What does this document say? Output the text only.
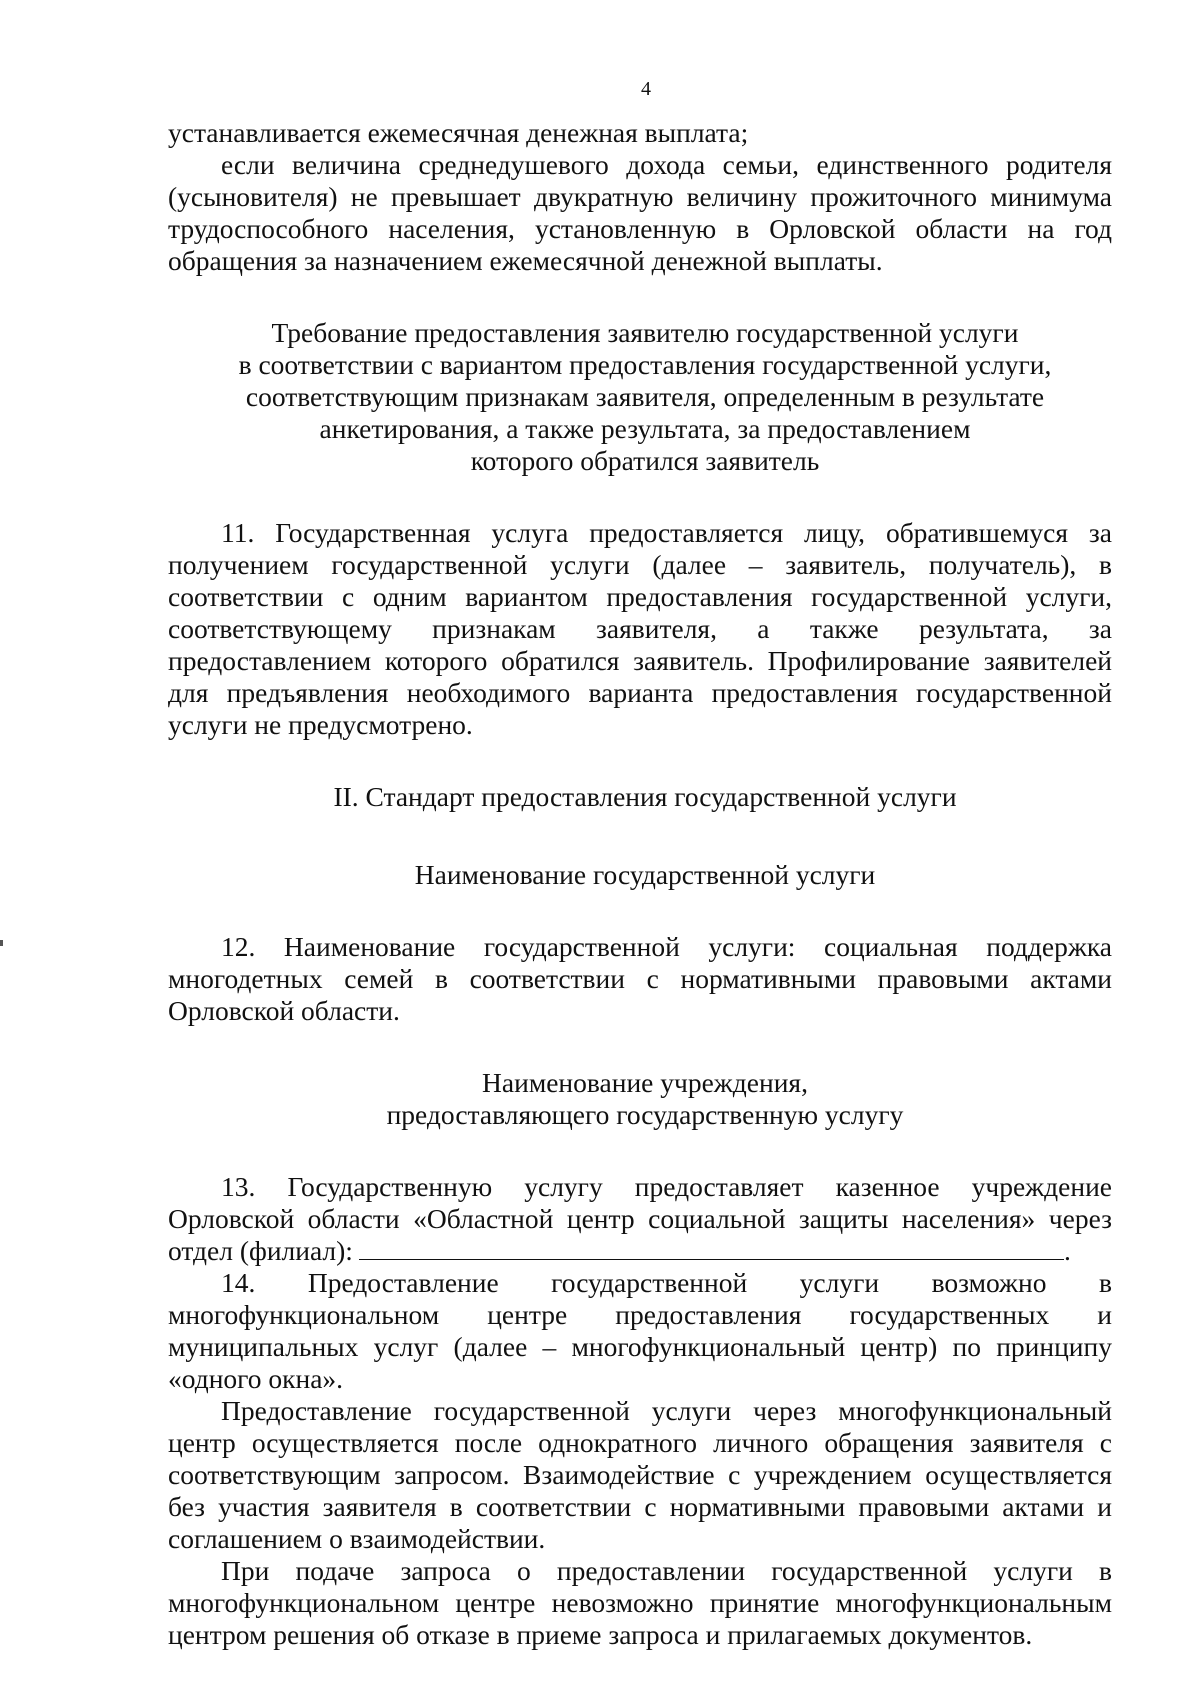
4

устанавливается ежемесячная денежная выплата;

если величина среднедушевого дохода семьи, единственного родителя (усыновителя) не превышает двукратную величину прожиточного минимума трудоспособного населения, установленную в Орловской области на год обращения за назначением ежемесячной денежной выплаты.

Требование предоставления заявителю государственной услуги
в соответствии с вариантом предоставления государственной услуги,
соответствующим признакам заявителя, определенным в результате
анкетирования, а также результата, за предоставлением
которого обратился заявитель

11. Государственная услуга предоставляется лицу, обратившемуся за получением государственной услуги (далее – заявитель, получатель), в соответствии с одним вариантом предоставления государственной услуги, соответствующему признакам заявителя, а также результата, за предоставлением которого обратился заявитель. Профилирование заявителей для предъявления необходимого варианта предоставления государственной услуги не предусмотрено.

II. Стандарт предоставления государственной услуги

Наименование государственной услуги

12. Наименование государственной услуги: социальная поддержка многодетных семей в соответствии с нормативными правовыми актами Орловской области.

Наименование учреждения,
предоставляющего государственную услугу

13. Государственную услугу предоставляет казенное учреждение Орловской области «Областной центр социальной защиты населения» через отдел (филиал):	.

14. Предоставление государственной услуги возможно в многофункциональном центре предоставления государственных и муниципальных услуг (далее – многофункциональный центр) по принципу «одного окна».

Предоставление государственной услуги через многофункциональный центр осуществляется после однократного личного обращения заявителя с соответствующим запросом. Взаимодействие с учреждением осуществляется без участия заявителя в соответствии с нормативными правовыми актами и соглашением о взаимодействии.

При подаче запроса о предоставлении государственной услуги в многофункциональном центре невозможно принятие многофункциональным центром решения об отказе в приеме запроса и прилагаемых документов.
